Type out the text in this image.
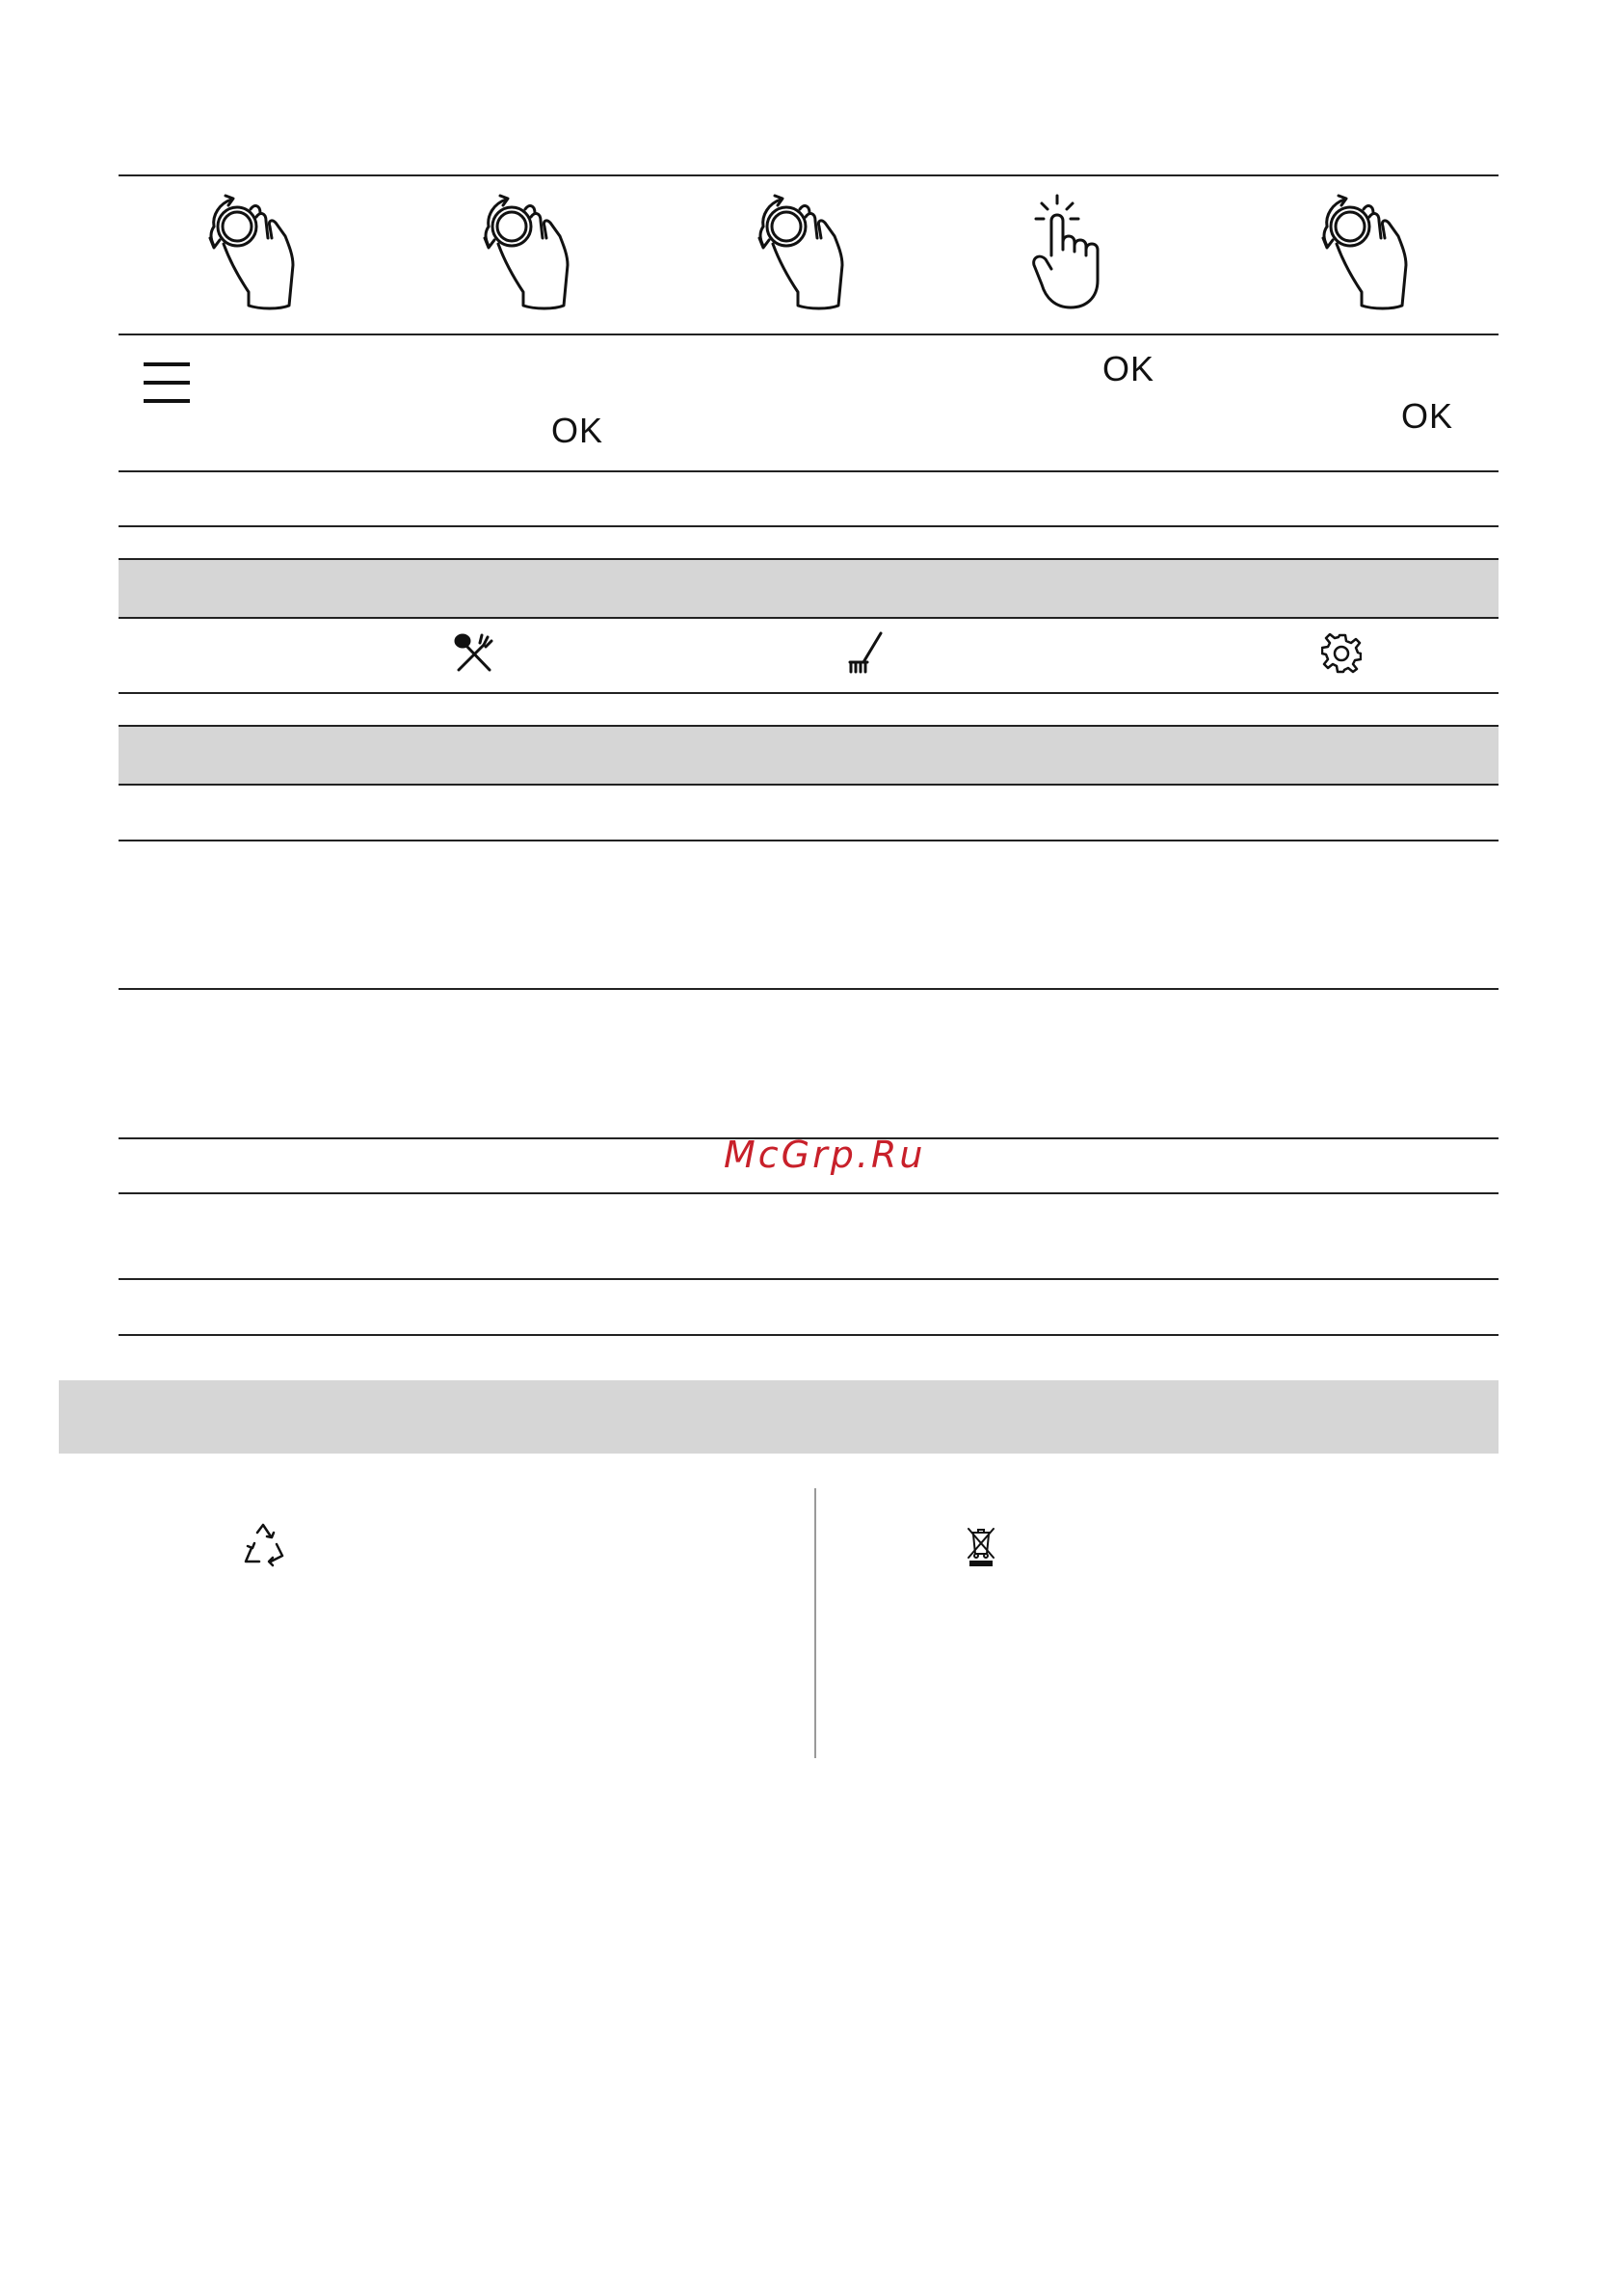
OK
OK
OK
McGrp.Ru
